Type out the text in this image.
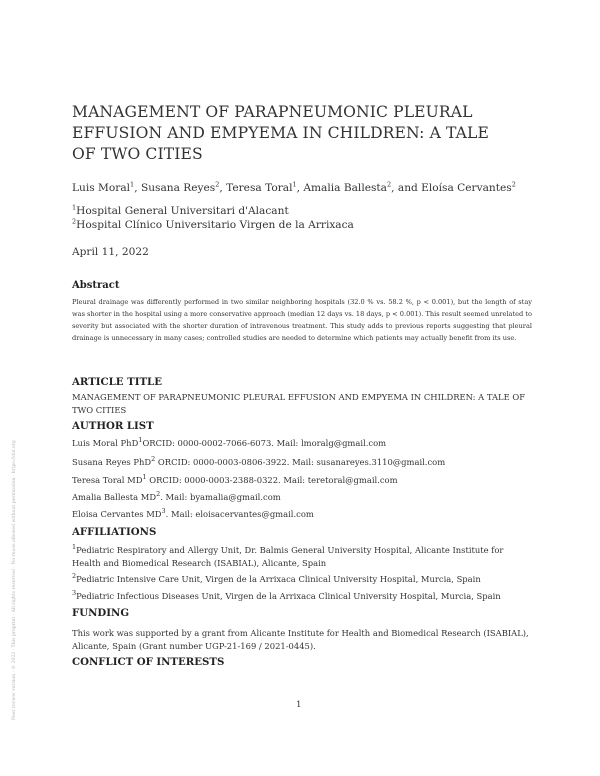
Peer review version · © 2022 · This preprint · All rights reserved · No reuse allowed without permission · https://doi.org
MANAGEMENT OF PARAPNEUMONIC PLEURAL EFFUSION AND EMPYEMA IN CHILDREN: A TALE OF TWO CITIES
Luis Moral$^1$, Susana Reyes$^2$, Teresa Toral$^1$, Amalia Ballesta$^2$, and Eloísa Cervantes$^2$
$^1$Hospital General Universitari d'Alacant
$^2$Hospital Clínico Universitario Virgen de la Arrixaca
April 11, 2022
Abstract

Pleural drainage was differently performed in two similar neighboring hospitals (32.0 % vs. 58.2 %, p < 0.001), but the length of stay was shorter in the hospital using a more conservative approach (median 12 days vs. 18 days, p < 0.001). This result seemed unrelated to severity but associated with the shorter duration of intravenous treatment. This study adds to previous reports suggesting that pleural drainage is unnecessary in many cases; controlled studies are needed to determine which patients may actually benefit from its use.

ARTICLE TITLE

MANAGEMENT OF PARAPNEUMONIC PLEURAL EFFUSION AND EMPYEMA IN CHILDREN: A TALE OF TWO CITIES

AUTHOR LIST
Luis Moral PhD$^1$ORCID: 0000-0002-7066-6073. Mail: lmoralg@gmail.com
Susana Reyes PhD$^2$ ORCID: 0000-0003-0806-3922. Mail: susanareyes.3110@gmail.com
Teresa Toral $MD^1$ ORCID: 0000-0003-2388-0322. Mail: teretoral@gmail.com
Amalia Ballesta $MD^2$. Mail: byamalia@gmail.com
Eloisa Cervantes $MD^3$. Mail: eloisacervantes@gmail.com
AFFILIATIONS

$^1$Pediatric Respiratory and Allergy Unit, Dr. Balmis General University Hospital, Alicante Institute for Health and Biomedical Research (ISABIAL), Alicante, Spain

$^2$Pediatric Intensive Care Unit, Virgen de la Arrixaca Clinical University Hospital, Murcia, Spain

$^3$Pediatric Infectious Diseases Unit, Virgen de la Arrixaca Clinical University Hospital, Murcia, Spain

FUNDING

This work was supported by a grant from Alicante Institute for Health and Biomedical Research (ISABIAL), Alicante, Spain (Grant number UGP-21-169 / 2021-0445).

CONFLICT OF INTERESTS
1
